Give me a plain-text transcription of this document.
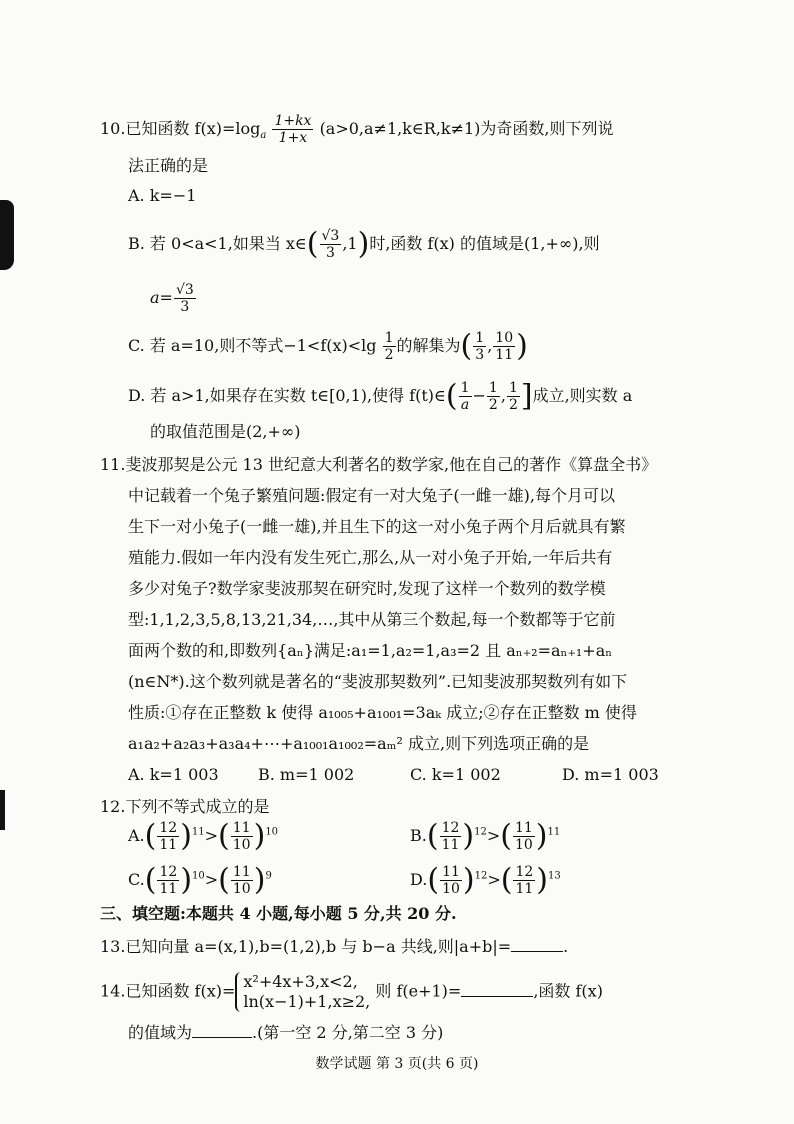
10.已知函数 $f(x)=\log_a \frac{1+kx}{1+x}$ (a>0,a≠1,k∈R,k≠1)为奇函数,则下列说
法正确的是
A. k=−1
B. 若 0<a<1,如果当 x∈( $\frac{√3}{3} ,1$)时,函数 f(x) 的值域是(1,+∞),则
$a= \frac{√3}{3}$
C. 若 a=10,则不等式$-1<f(x)<\lg \frac{1}{2}$ 的解集为( $\frac{1}{3}$ , $\frac{10}{11}$ )
D. 若 a>1,如果存在实数 t∈[0,1),使得 f(t)∈( $\frac{1}{a} - \frac{1}{2}$ , $\frac{1}{2}$ ]成立,则实数 a
的取值范围是(2,+∞)
11.斐波那契是公元 13 世纪意大利著名的数学家,他在自己的著作《算盘全书》
中记载着一个兔子繁殖问题:假定有一对大兔子(一雌一雄),每个月可以
生下一对小兔子(一雌一雄),并且生下的这一对小兔子两个月后就具有繁
殖能力.假如一年内没有发生死亡,那么,从一对小兔子开始,一年后共有
多少对兔子?数学家斐波那契在研究时,发现了这样一个数列的数学模
型:1,1,2,3,5,8,13,21,34,…,其中从第三个数起,每一个数都等于它前
面两个数的和,即数列{aₙ}满足:a₁=1,a₂=1,a₃=2 且 aₙ₊₂=aₙ₊₁+aₙ
(n∈N*).这个数列就是著名的“斐波那契数列”.已知斐波那契数列有如下
性质:①存在正整数 k 使得 a₁₀₀₅+a₁₀₀₁=3aₖ 成立;②存在正整数 m 使得
a₁a₂+a₂a₃+a₃a₄+⋯+a₁₀₀₁a₁₀₀₂=aₘ² 成立,则下列选项正确的是
A. k=1 003 B. m=1 002	C. k=1 002	D. m=1 003
12.下列不等式成立的是
$A.( \frac{12}{11} )^{11}>( \frac{11}{10} )^{10}$	$B.( \frac{12}{11} )^{12}>( \frac{11}{10} )^{11}$
$C.( \frac{12}{11} )^{10}>( \frac{11}{10} )^9$	$D.( \frac{11}{10} )^{12}>( \frac{12}{11} )^{13}$
三、填空题:本题共 4 小题,每小题 5 分,共 20 分.
13.已知向量 a=(x,1),b=(1,2),b 与 b−a 共线,则|a+b|=	.
14.已知函数 f(x)= x²+4x+3,x<2,
ln(x−1)+1,x≥2,
则 f(e+1)=	,函数 f(x)
的值域为	.(第一空 2 分,第二空 3 分)
数学试题 第 3 页(共 6 页)
